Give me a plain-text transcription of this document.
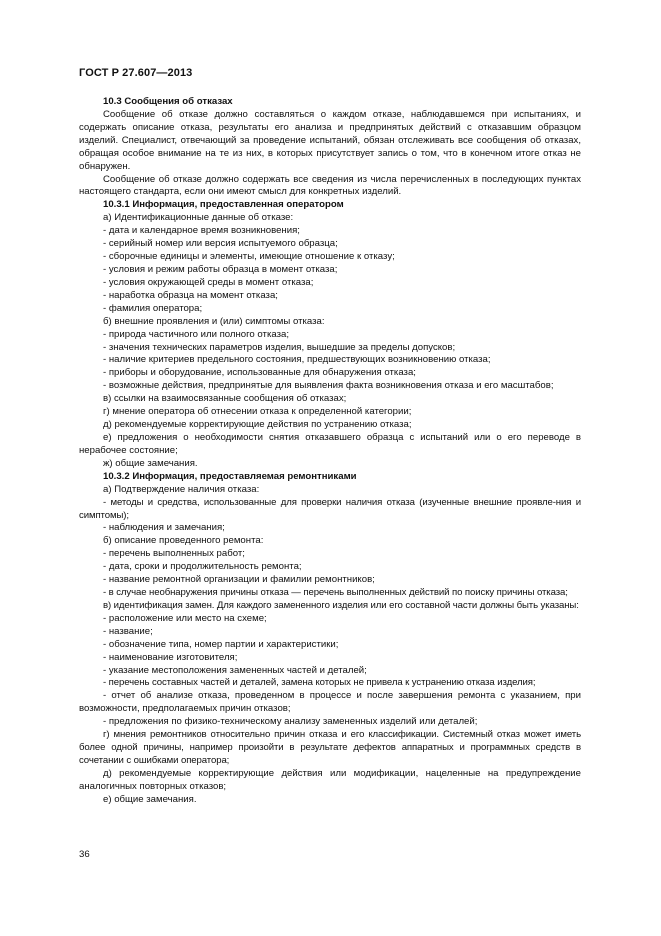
ГОСТ Р 27.607—2013

10.3 Сообщения об отказах

Сообщение об отказе должно составляться о каждом отказе, наблюдавшемся при испытаниях, и содержать описание отказа, результаты его анализа и предпринятых действий с отказавшим образцом изделий. Специалист, отвечающий за проведение испытаний, обязан отслеживать все сообщения об отказах, обращая особое внимание на те из них, в которых присутствует запись о том, что в конечном итоге отказ не обнаружен.

Сообщение об отказе должно содержать все сведения из числа перечисленных в последующих пунктах настоящего стандарта, если они имеют смысл для конкретных изделий.

10.3.1 Информация, предоставленная оператором

а) Идентификационные данные об отказе:

- дата и календарное время возникновения;

- серийный номер или версия испытуемого образца;

- сборочные единицы и элементы, имеющие отношение к отказу;

- условия и режим работы образца в момент отказа;

- условия окружающей среды в момент отказа;

- наработка образца на момент отказа;

- фамилия оператора;

б) внешние проявления и (или) симптомы отказа:

- природа частичного или полного отказа;

- значения технических параметров изделия, вышедшие за пределы допусков;

- наличие критериев предельного состояния, предшествующих возникновению отказа;

- приборы и оборудование, использованные для обнаружения отказа;

- возможные действия, предпринятые для выявления факта возникновения отказа и его масштабов;

в) ссылки на взаимосвязанные сообщения об отказах;

г) мнение оператора об отнесении отказа к определенной категории;

д) рекомендуемые корректирующие действия по устранению отказа;

е) предложения о необходимости снятия отказавшего образца с испытаний или о его переводе в нерабочее состояние;

ж) общие замечания.

10.3.2 Информация, предоставляемая ремонтниками

а) Подтверждение наличия отказа:

- методы и средства, использованные для проверки наличия отказа (изученные внешние проявле-ния и симптомы);

- наблюдения и замечания;

б) описание проведенного ремонта:

- перечень выполненных работ;

- дата, сроки и продолжительность ремонта;

- название ремонтной организации и фамилии ремонтников;

- в случае необнаружения причины отказа — перечень выполненных действий по поиску причины отказа;

в) идентификация замен. Для каждого замененного изделия или его составной части должны быть указаны:

- расположение или место на схеме;

- название;

- обозначение типа, номер партии и характеристики;

- наименование изготовителя;

- указание местоположения замененных частей и деталей;

- перечень составных частей и деталей, замена которых не привела к устранению отказа изделия;

- отчет об анализе отказа, проведенном в процессе и после завершения ремонта с указанием, при возможности, предполагаемых причин отказов;

- предложения по физико-техническому анализу замененных изделий или деталей;

г) мнения ремонтников относительно причин отказа и его классификации. Системный отказ может иметь более одной причины, например произойти в результате дефектов аппаратных и программных средств в сочетании с ошибками оператора;

д) рекомендуемые корректирующие действия или модификации, нацеленные на предупреждение аналогичных повторных отказов;

е) общие замечания.

36
